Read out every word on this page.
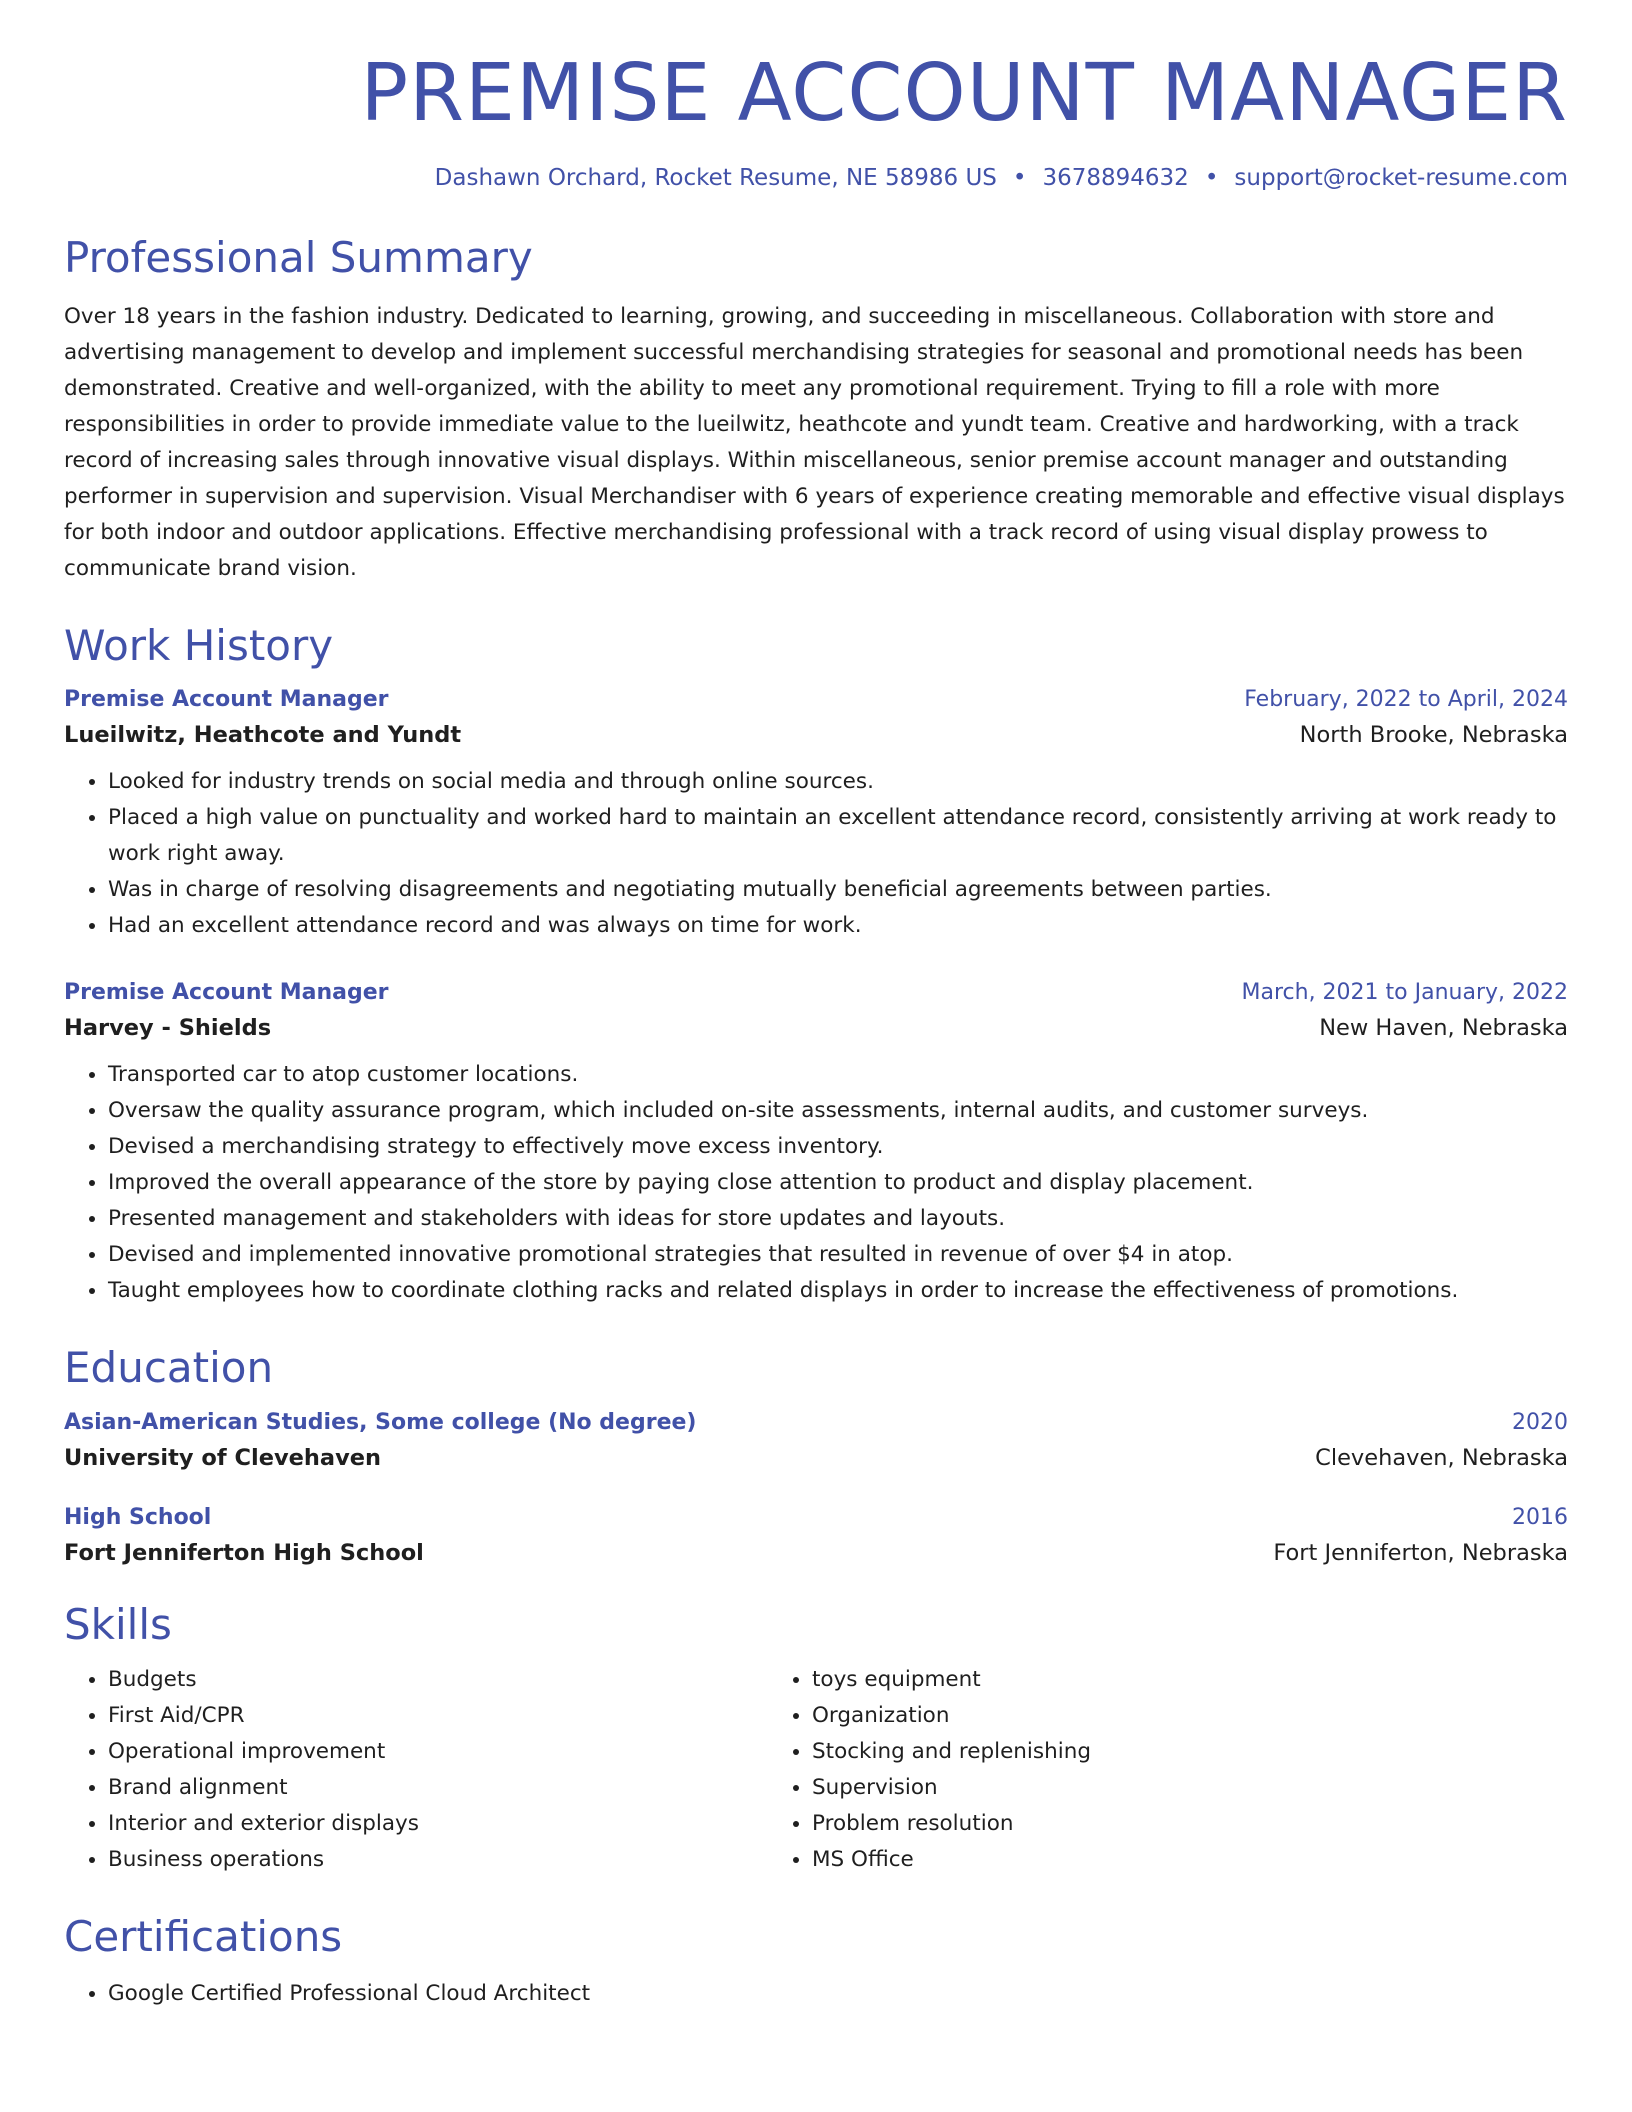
PREMISE ACCOUNT MANAGER
Dashawn Orchard, Rocket Resume, NE 58986 US • 3678894632 • support@rocket-resume.com
Professional Summary
Over 18 years in the fashion industry. Dedicated to learning, growing, and succeeding in miscellaneous. Collaboration with store and advertising management to develop and implement successful merchandising strategies for seasonal and promotional needs has been demonstrated. Creative and well-organized, with the ability to meet any promotional requirement. Trying to fill a role with more responsibilities in order to provide immediate value to the lueilwitz, heathcote and yundt team. Creative and hardworking, with a track record of increasing sales through innovative visual displays. Within miscellaneous, senior premise account manager and outstanding performer in supervision and supervision. Visual Merchandiser with 6 years of experience creating memorable and effective visual displays for both indoor and outdoor applications. Effective merchandising professional with a track record of using visual display prowess to communicate brand vision.
Work History
Premise Account Manager	February, 2022 to April, 2024
Lueilwitz, Heathcote and Yundt	North Brooke, Nebraska
• Looked for industry trends on social media and through online sources.
• Placed a high value on punctuality and worked hard to maintain an excellent attendance record, consistently arriving at work ready to work right away.
• Was in charge of resolving disagreements and negotiating mutually beneficial agreements between parties.
• Had an excellent attendance record and was always on time for work.
Premise Account Manager	March, 2021 to January, 2022
Harvey - Shields	New Haven, Nebraska
• Transported car to atop customer locations.
• Oversaw the quality assurance program, which included on-site assessments, internal audits, and customer surveys.
• Devised a merchandising strategy to effectively move excess inventory.
• Improved the overall appearance of the store by paying close attention to product and display placement.
• Presented management and stakeholders with ideas for store updates and layouts.
• Devised and implemented innovative promotional strategies that resulted in revenue of over $4 in atop.
• Taught employees how to coordinate clothing racks and related displays in order to increase the effectiveness of promotions.
Education
Asian-American Studies, Some college (No degree)	2020
University of Clevehaven	Clevehaven, Nebraska
High School	2016
Fort Jenniferton High School	Fort Jenniferton, Nebraska
Skills
• Budgets
• First Aid/CPR
• Operational improvement
• Brand alignment
• Interior and exterior displays
• Business operations
• toys equipment
• Organization
• Stocking and replenishing
• Supervision
• Problem resolution
• MS Office
Certifications
• Google Certified Professional Cloud Architect
